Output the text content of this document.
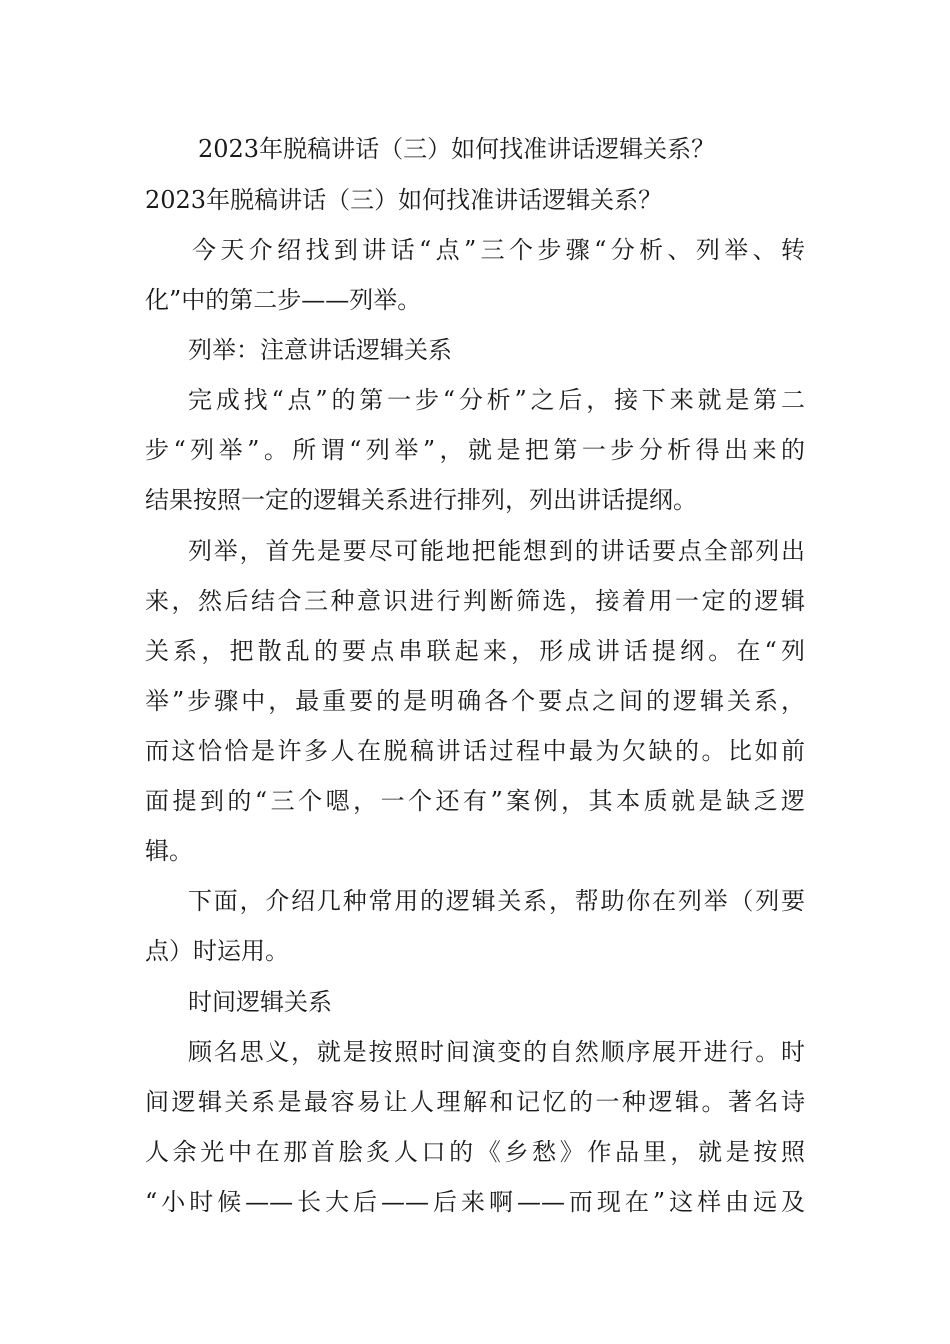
2023年脱稿讲话（三）如何找准讲话逻辑关系？

2023年脱稿讲话（三）如何找准讲话逻辑关系？

今天介绍找到讲话“点”三个步骤“分析、列举、转

化”中的第二步——列举。

列举：注意讲话逻辑关系

完成找“点”的第一步“分析”之后，接下来就是第二

步“列举”。所谓“列举”，就是把第一步分析得出来的

结果按照一定的逻辑关系进行排列，列出讲话提纲。

列举，首先是要尽可能地把能想到的讲话要点全部列出

来，然后结合三种意识进行判断筛选，接着用一定的逻辑

关系，把散乱的要点串联起来，形成讲话提纲。在“列

举”步骤中，最重要的是明确各个要点之间的逻辑关系，

而这恰恰是许多人在脱稿讲话过程中最为欠缺的。比如前

面提到的“三个嗯，一个还有”案例，其本质就是缺乏逻

辑。

下面，介绍几种常用的逻辑关系，帮助你在列举（列要

点）时运用。

时间逻辑关系

顾名思义，就是按照时间演变的自然顺序展开进行。时

间逻辑关系是最容易让人理解和记忆的一种逻辑。著名诗

人余光中在那首脍炙人口的《乡愁》作品里，就是按照

“小时候——长大后——后来啊——而现在”这样由远及
